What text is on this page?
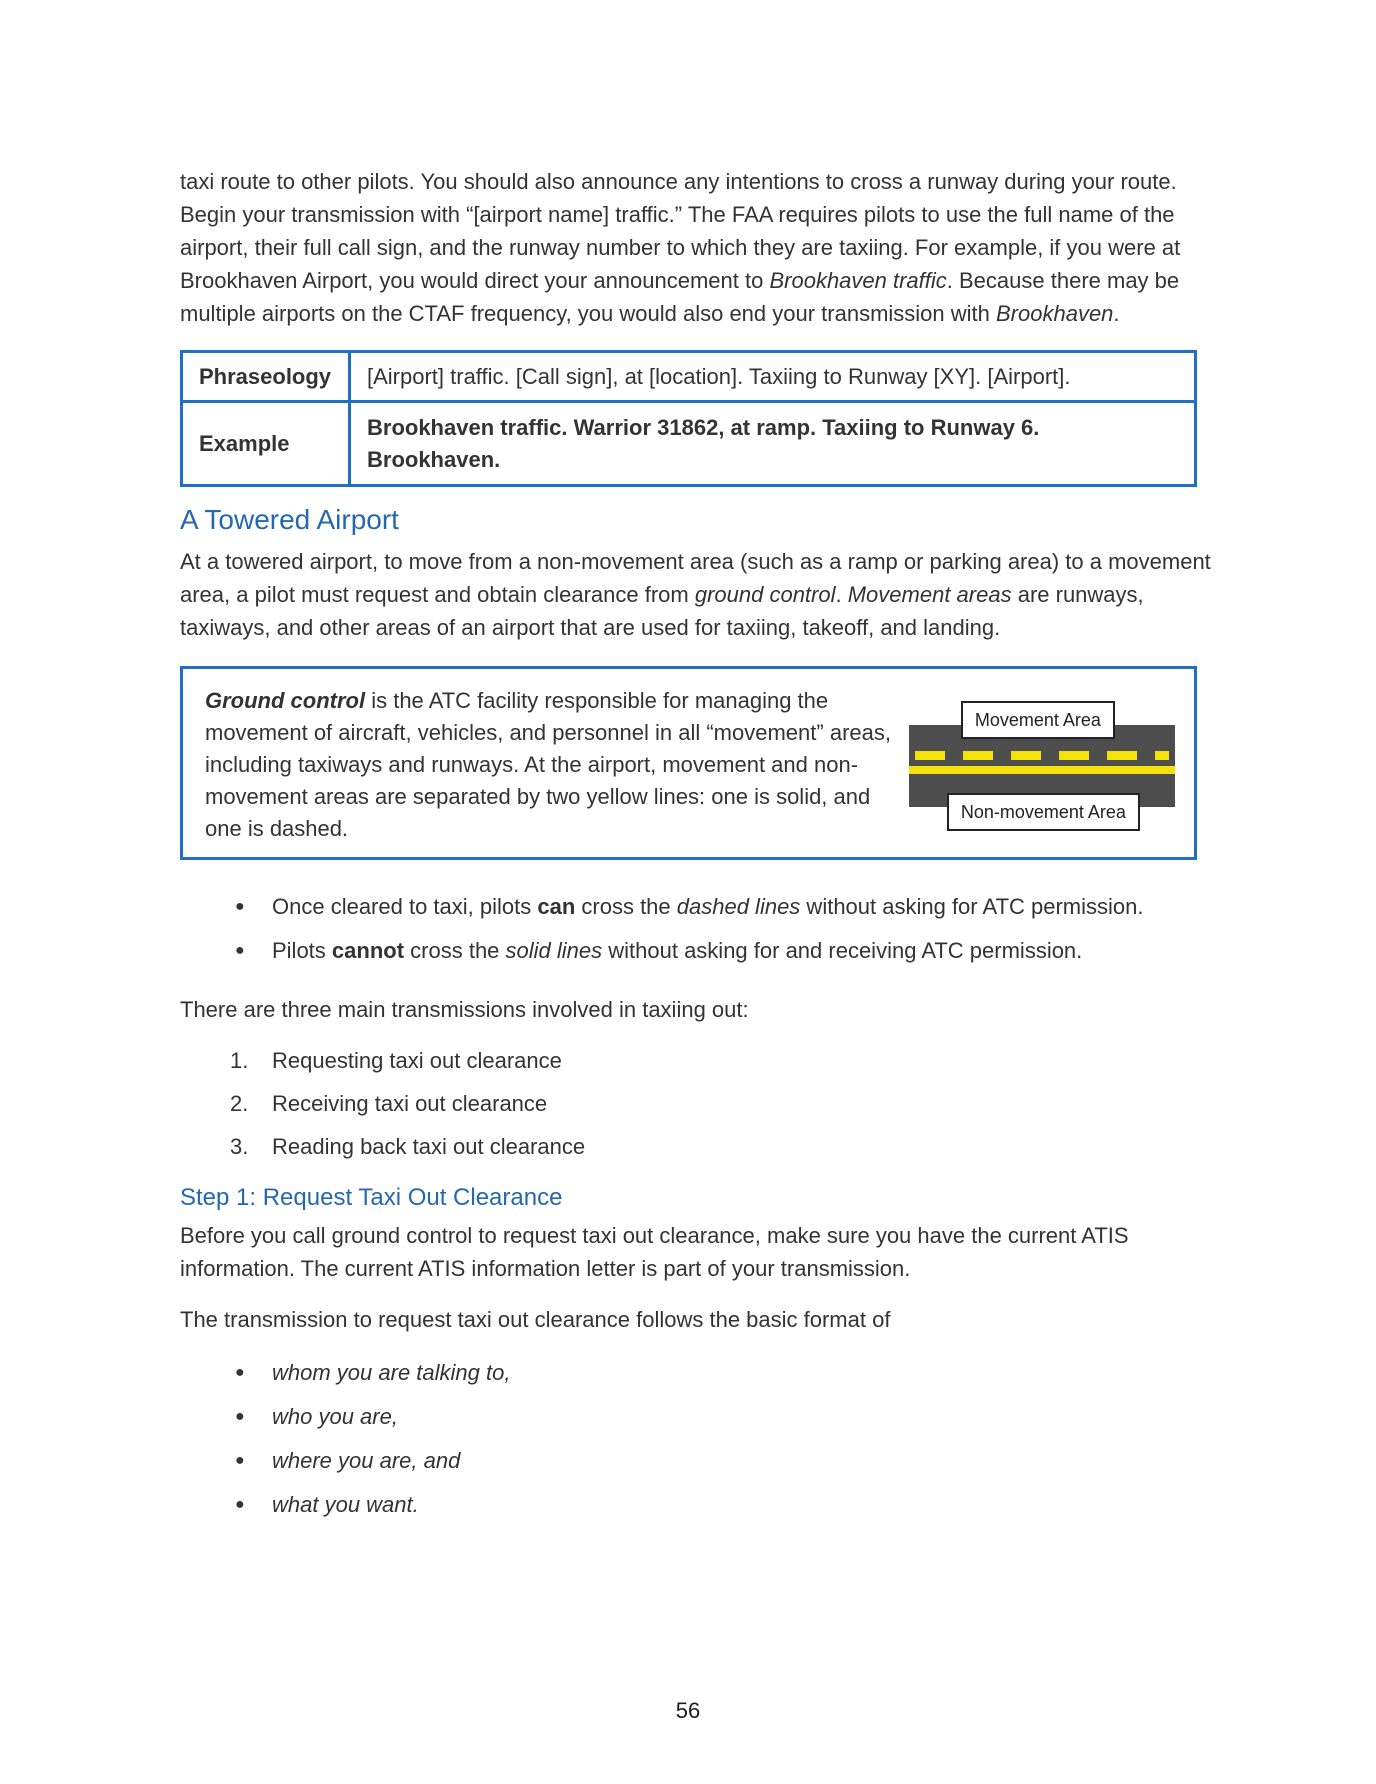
taxi route to other pilots. You should also announce any intentions to cross a runway during your route. Begin your transmission with “[airport name] traffic.” The FAA requires pilots to use the full name of the airport, their full call sign, and the runway number to which they are taxiing. For example, if you were at Brookhaven Airport, you would direct your announcement to Brookhaven traffic. Because there may be multiple airports on the CTAF frequency, you would also end your transmission with Brookhaven.

Phraseology	[Airport] traffic. [Call sign], at [location]. Taxiing to Runway [XY]. [Airport].
Example	Brookhaven traffic. Warrior 31862, at ramp. Taxiing to Runway 6. Brookhaven.
A Towered Airport

At a towered airport, to move from a non-movement area (such as a ramp or parking area) to a movement area, a pilot must request and obtain clearance from ground control. Movement areas are runways, taxiways, and other areas of an airport that are used for taxiing, takeoff, and landing.

Ground control is the ATC facility responsible for managing the movement of aircraft, vehicles, and personnel in all “movement” areas, including taxiways and runways. At the airport, movement and non-movement areas are separated by two yellow lines: one is solid, and one is dashed.
Movement Area
Non-movement Area
● Once cleared to taxi, pilots can cross the dashed lines without asking for ATC permission.
● Pilots cannot cross the solid lines without asking for and receiving ATC permission.

There are three main transmissions involved in taxiing out:

Requesting taxi out clearance
Receiving taxi out clearance
Reading back taxi out clearance
Step 1: Request Taxi Out Clearance

Before you call ground control to request taxi out clearance, make sure you have the current ATIS information. The current ATIS information letter is part of your transmission.

The transmission to request taxi out clearance follows the basic format of

● whom you are talking to,
● who you are,
● where you are, and
● what you want.
56
